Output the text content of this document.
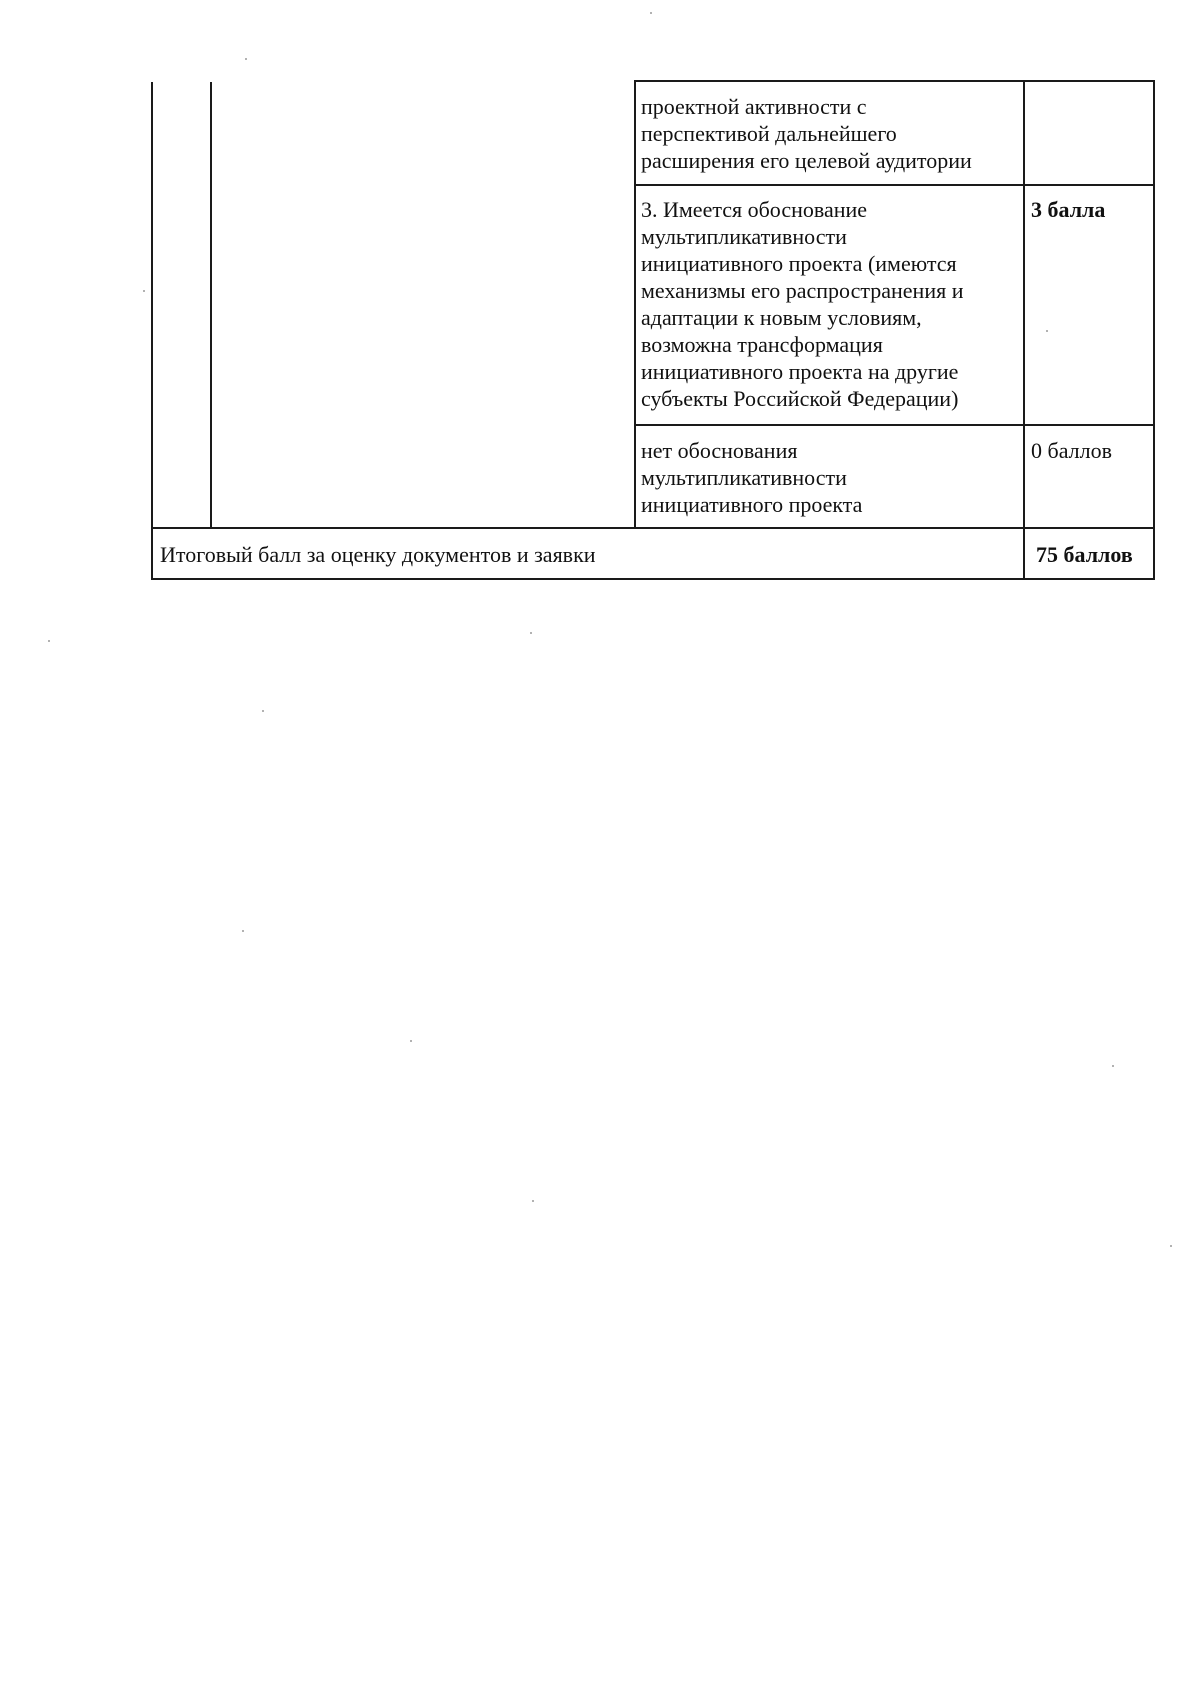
проектной активности с
перспективой дальнейшего
расширения его целевой аудитории
3. Имеется обоснование
мультипликативности
инициативного проекта (имеются
механизмы его распространения и
адаптации к новым условиям,
возможна трансформация
инициативного проекта на другие
субъекты Российской Федерации)
3 балла
нет обоснования
мультипликативности
инициативного проекта
0 баллов
Итоговый балл за оценку документов и заявки	75 баллов
